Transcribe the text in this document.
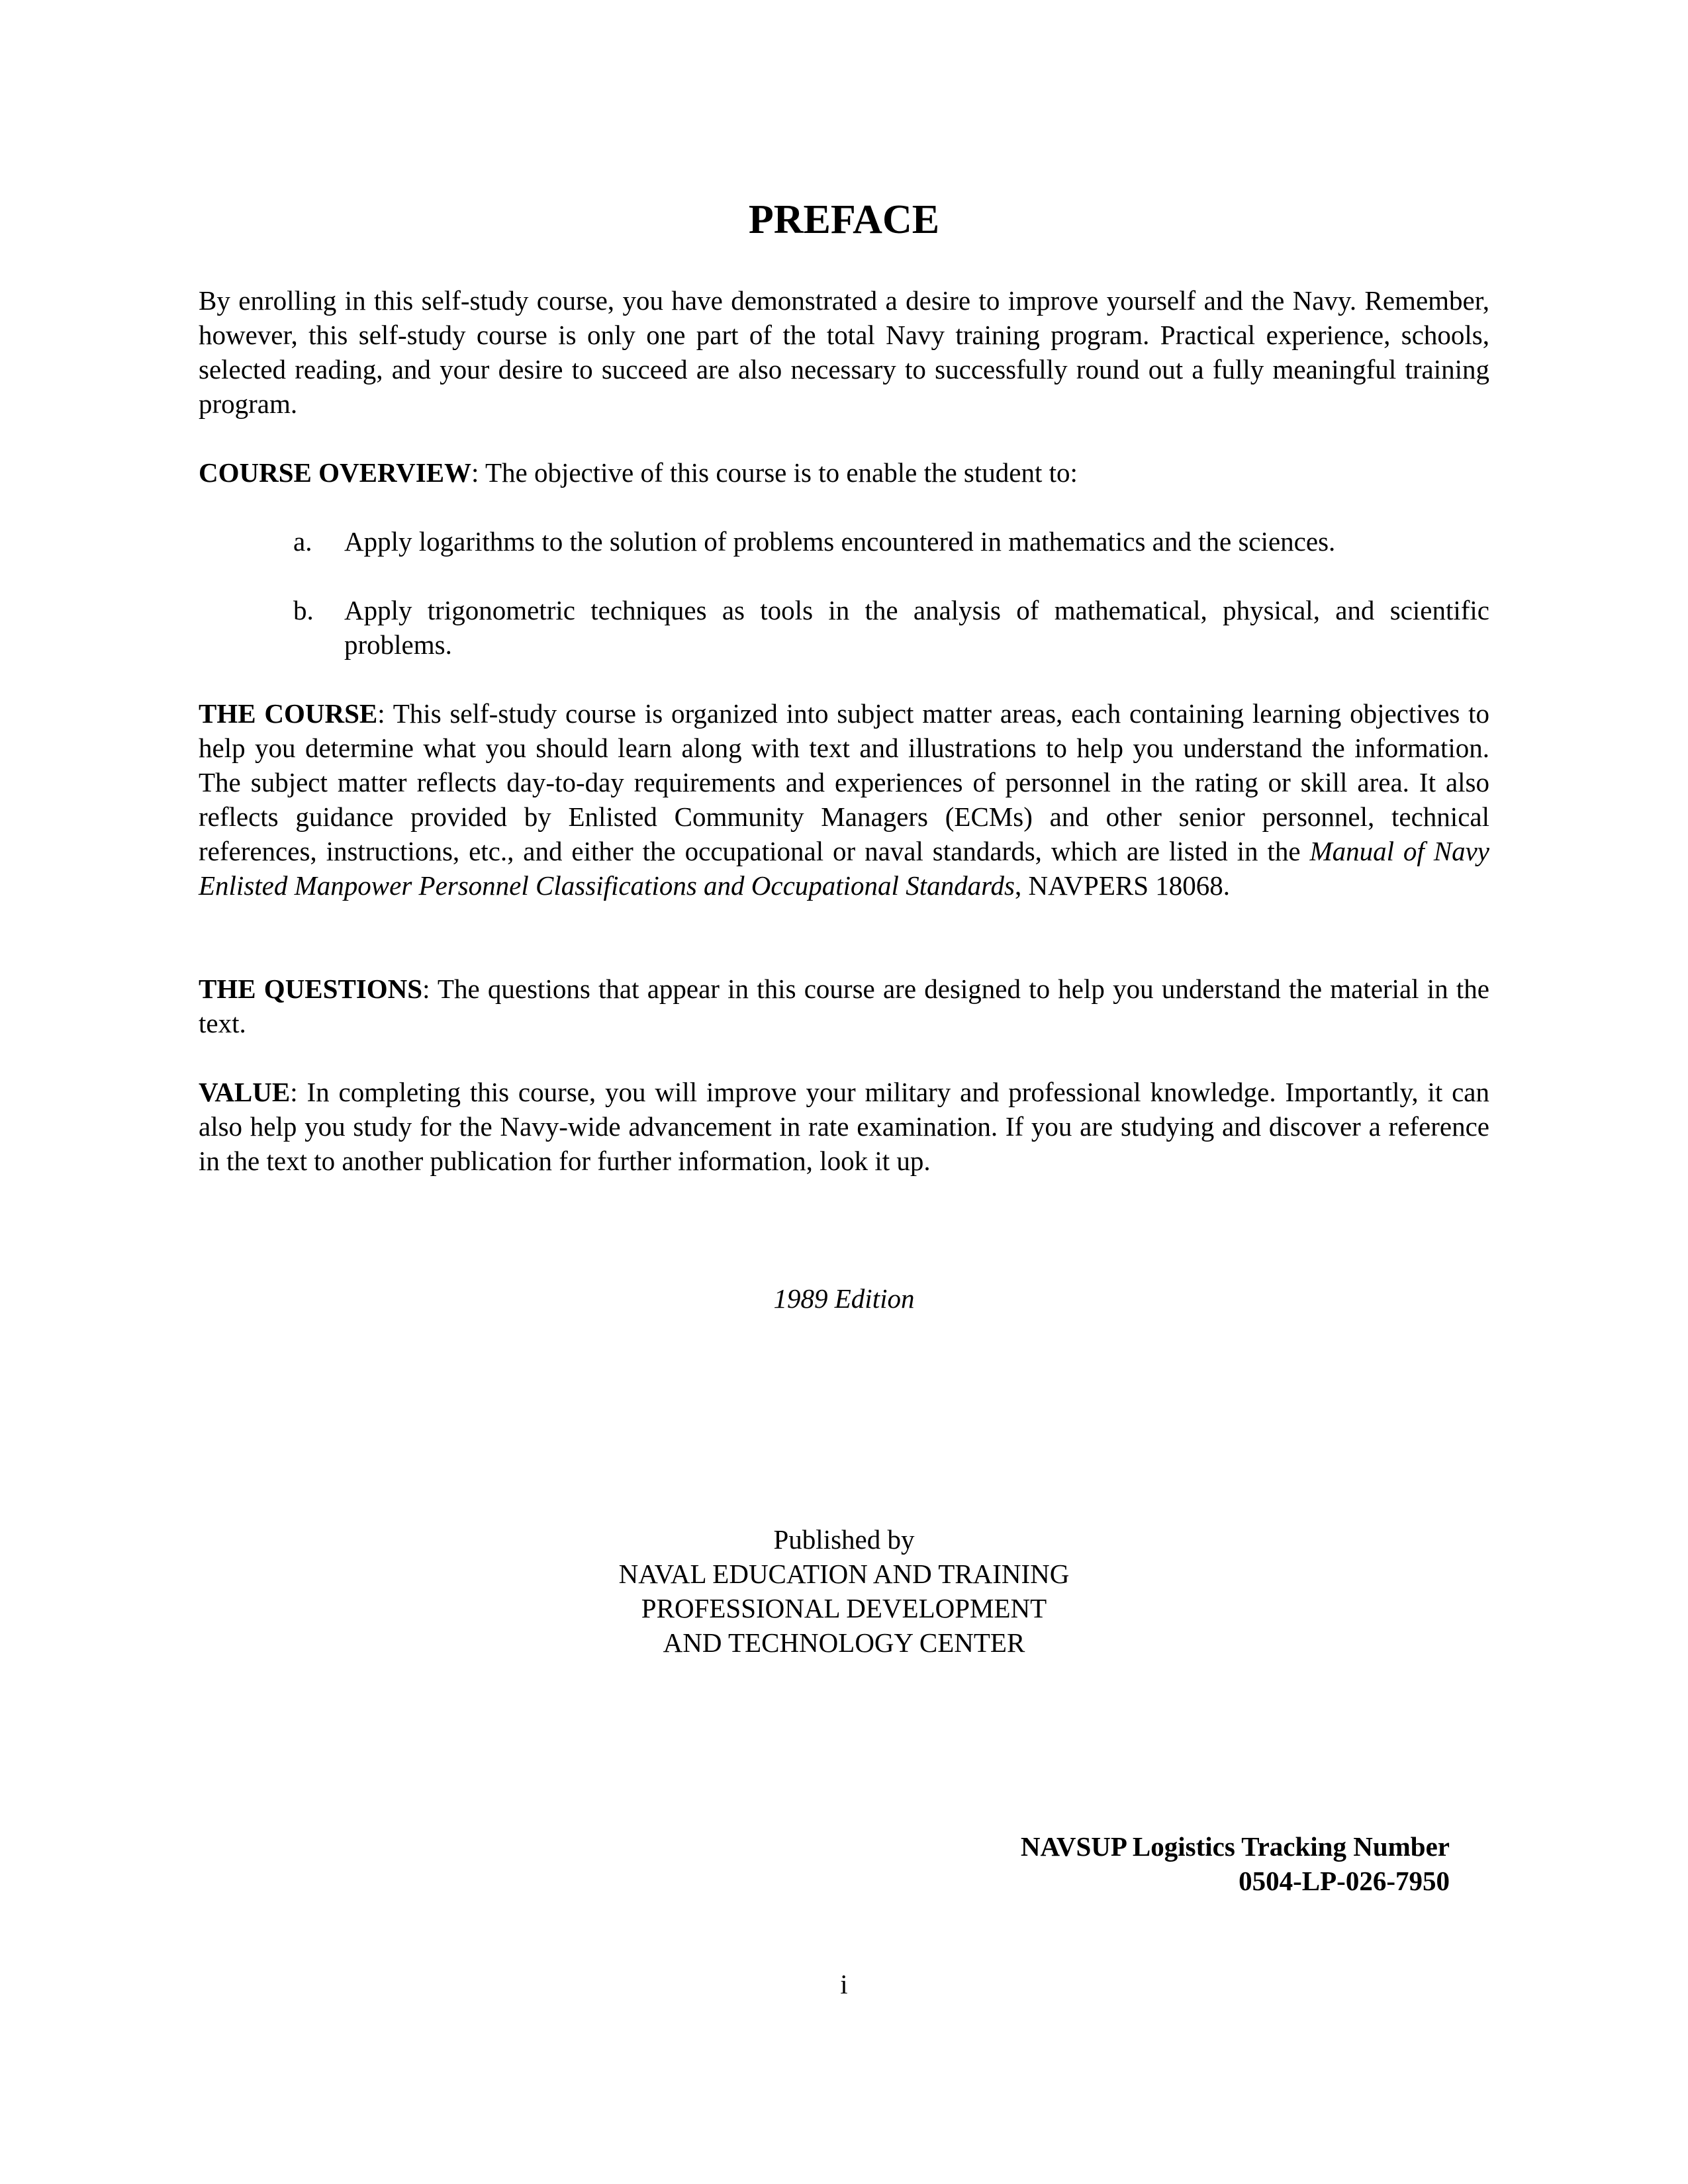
PREFACE

By enrolling in this self-study course, you have demonstrated a desire to improve yourself and the Navy. Remember, however, this self-study course is only one part of the total Navy training program. Practical experience, schools, selected reading, and your desire to succeed are also necessary to successfully round out a fully meaningful training program.

COURSE OVERVIEW: The objective of this course is to enable the student to:

a. Apply logarithms to the solution of problems encountered in mathematics and the sciences.
b. Apply trigonometric techniques as tools in the analysis of mathematical, physical, and scientific problems.

THE COURSE: This self-study course is organized into subject matter areas, each containing learning objectives to help you determine what you should learn along with text and illustrations to help you understand the information. The subject matter reflects day-to-day requirements and experiences of personnel in the rating or skill area. It also reflects guidance provided by Enlisted Community Managers (ECMs) and other senior personnel, technical references, instructions, etc., and either the occupational or naval standards, which are listed in the Manual of Navy Enlisted Manpower Personnel Classifications and Occupational Standards, NAVPERS 18068.

THE QUESTIONS: The questions that appear in this course are designed to help you understand the material in the text.

VALUE: In completing this course, you will improve your military and professional knowledge. Importantly, it can also help you study for the Navy-wide advancement in rate examination. If you are studying and discover a reference in the text to another publication for further information, look it up.

1989 Edition

Published by
NAVAL EDUCATION AND TRAINING
PROFESSIONAL DEVELOPMENT
AND TECHNOLOGY CENTER
NAVSUP Logistics Tracking Number
0504-LP-026-7950

i
